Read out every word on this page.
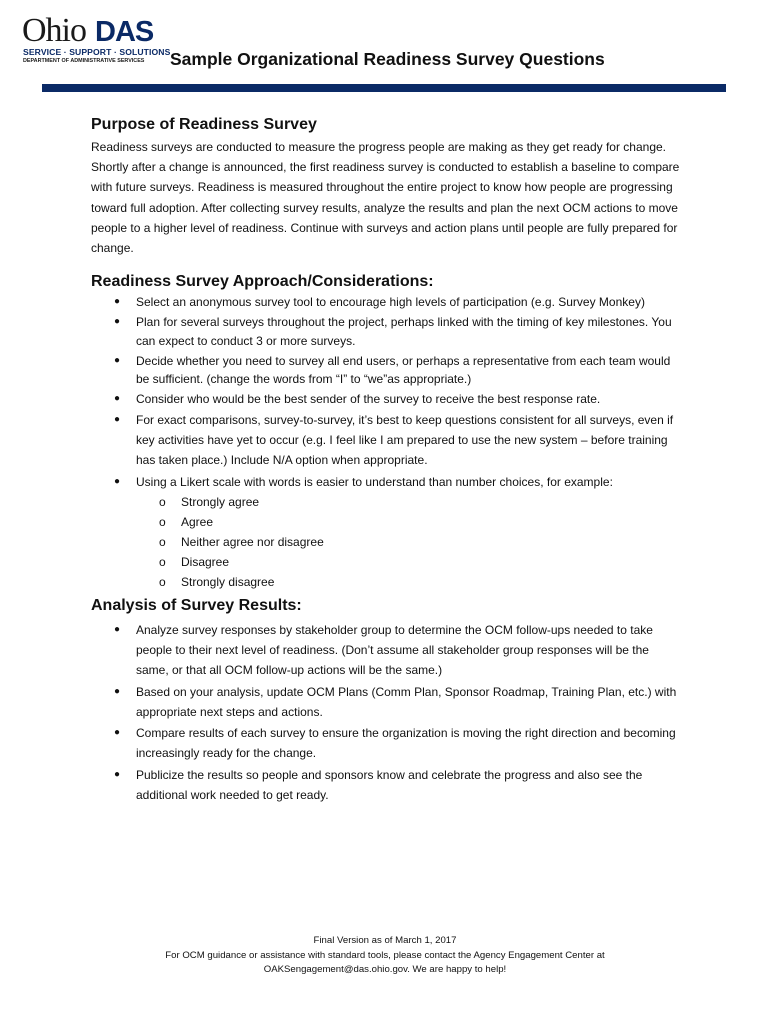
Ohio DAS
SERVICE · SUPPORT · SOLUTIONS
DEPARTMENT OF ADMINISTRATIVE SERVICES Sample Organizational Readiness Survey Questions
Purpose of Readiness Survey

Readiness surveys are conducted to measure the progress people are making as they get ready for change. Shortly after a change is announced, the first readiness survey is conducted to establish a baseline to compare with future surveys. Readiness is measured throughout the entire project to know how people are progressing toward full adoption. After collecting survey results, analyze the results and plan the next OCM actions to move people to a higher level of readiness. Continue with surveys and action plans until people are fully prepared for change.

Readiness Survey Approach/Considerations:
● Select an anonymous survey tool to encourage high levels of participation (e.g. Survey Monkey)
● Plan for several surveys throughout the project, perhaps linked with the timing of key milestones. You can expect to conduct 3 or more surveys.
● Decide whether you need to survey all end users, or perhaps a representative from each team would be sufficient. (change the words from “I” to “we”as appropriate.)
● Consider who would be the best sender of the survey to receive the best response rate.
● For exact comparisons, survey-to-survey, it’s best to keep questions consistent for all surveys, even if key activities have yet to occur (e.g. I feel like I am prepared to use the new system – before training has taken place.) Include N/A option when appropriate.
● Using a Likert scale with words is easier to understand than number choices, for example:
o Strongly agree
o Agree
o Neither agree nor disagree
o Disagree
o Strongly disagree
Analysis of Survey Results:
● Analyze survey responses by stakeholder group to determine the OCM follow-ups needed to take people to their next level of readiness. (Don’t assume all stakeholder group responses will be the same, or that all OCM follow-up actions will be the same.)
● Based on your analysis, update OCM Plans (Comm Plan, Sponsor Roadmap, Training Plan, etc.) with appropriate next steps and actions.
● Compare results of each survey to ensure the organization is moving the right direction and becoming increasingly ready for the change.
● Publicize the results so people and sponsors know and celebrate the progress and also see the additional work needed to get ready.
Final Version as of March 1, 2017
For OCM guidance or assistance with standard tools, please contact the Agency Engagement Center at
OAKSengagement@das.ohio.gov. We are happy to help!
